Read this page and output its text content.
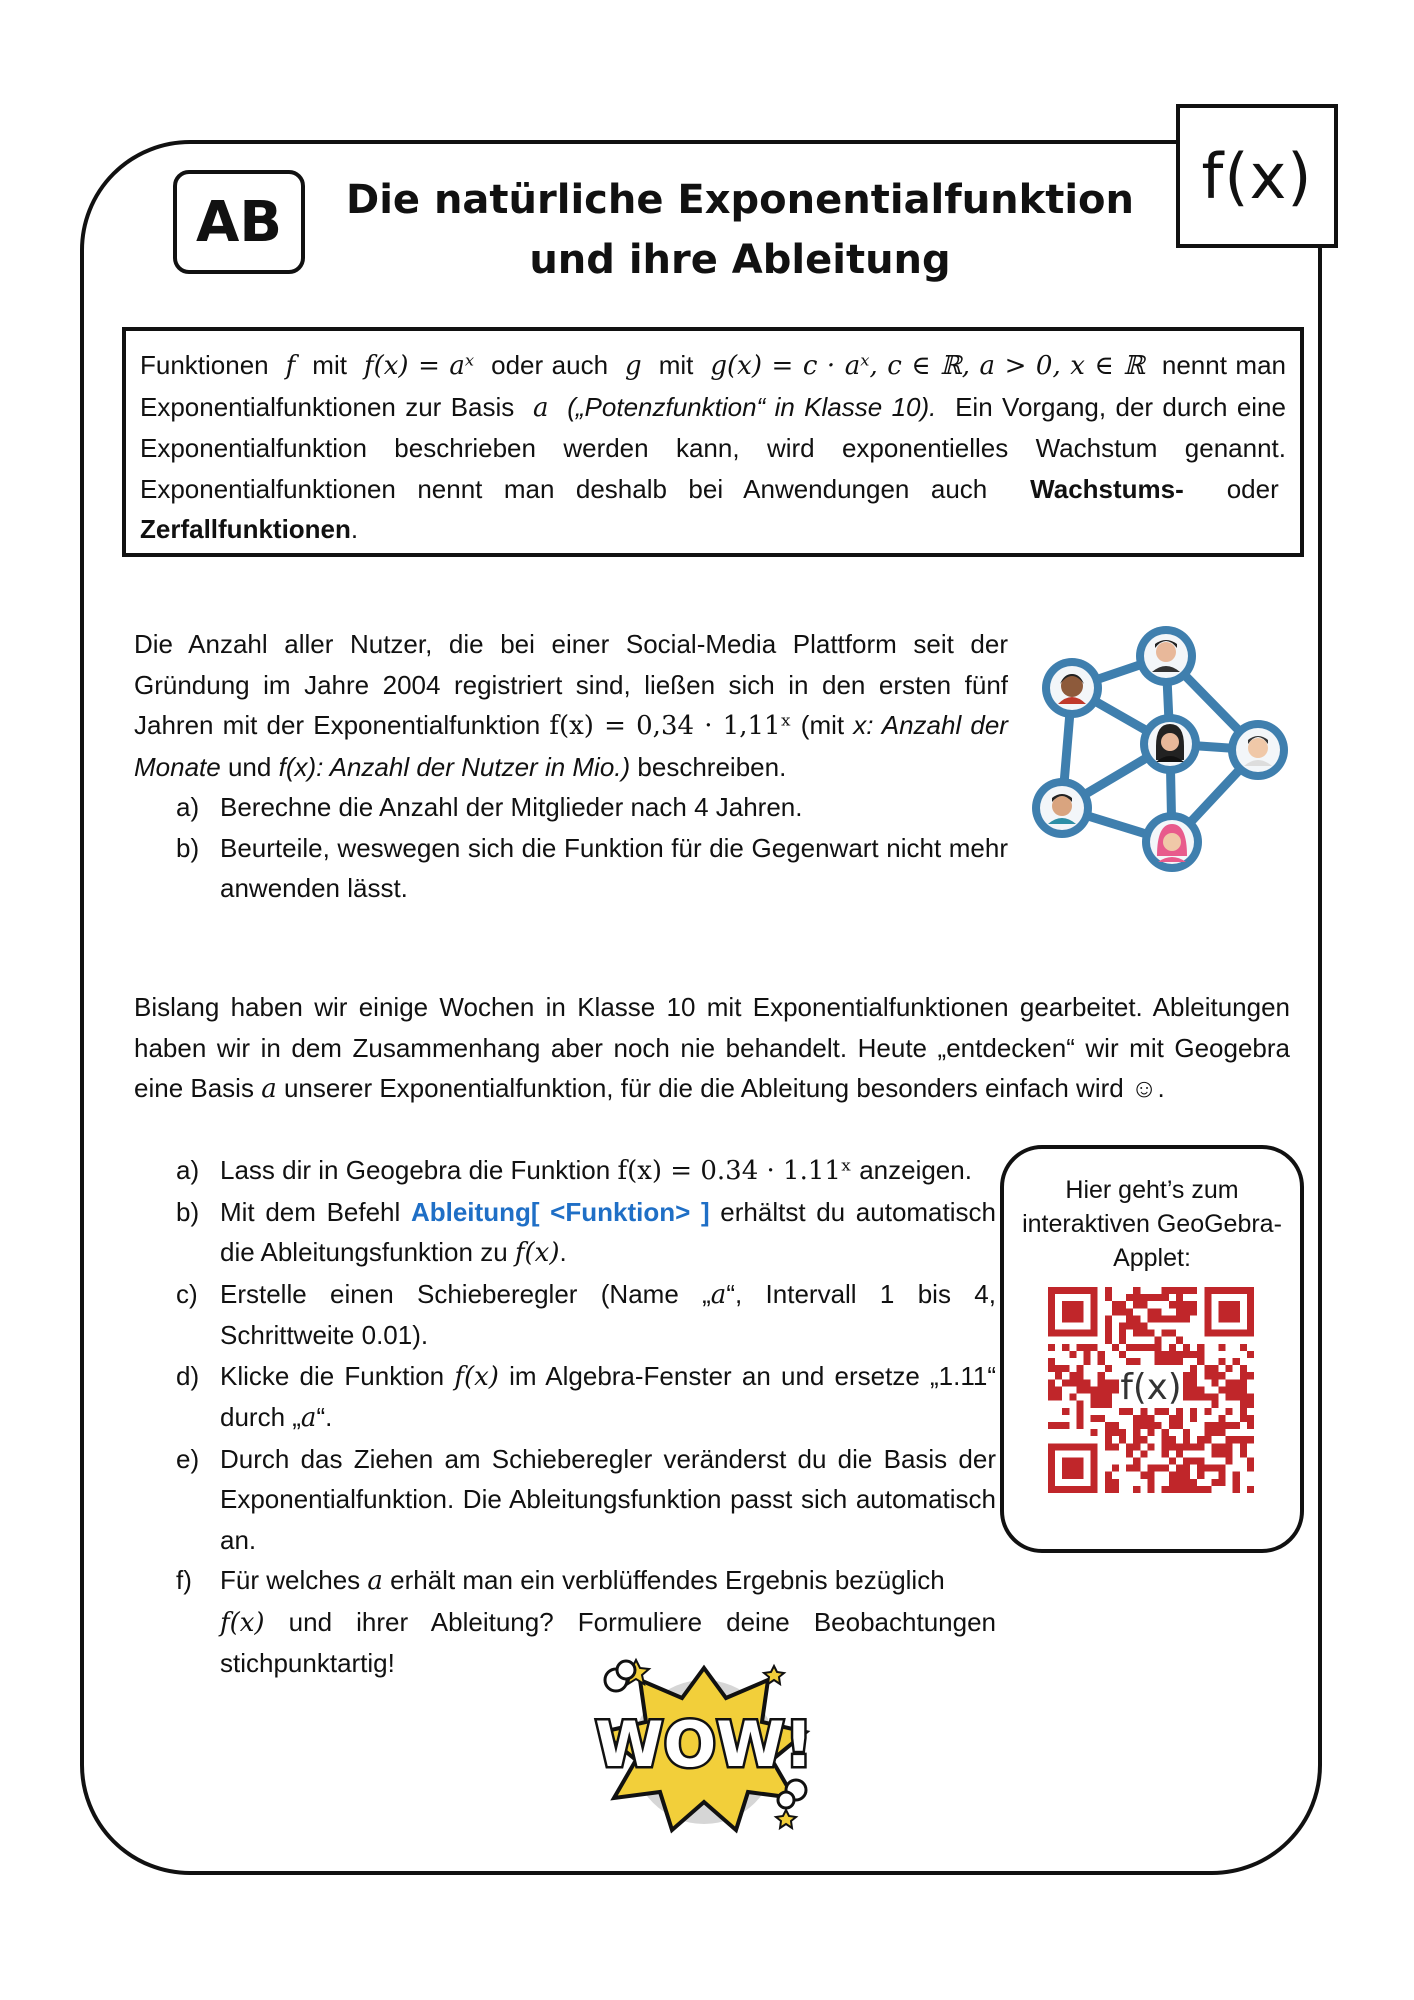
f(x)
AB Die natürliche Exponentialfunktion
und ihre Ableitung
Funktionen f mit f(x) = aˣ oder auch g mit g(x) = c · aˣ, c ∈ ℝ, a > 0, x ∈ ℝ nennt man Exponentialfunktionen zur Basis a („Potenzfunktion“ in Klasse 10). Ein Vorgang, der durch eine Exponentialfunktion beschrieben werden kann, wird exponentielles Wachstum genannt. Exponentialfunktionen nennt man deshalb bei Anwendungen auch Wachstums- oder  Zerfallfunktionen.
Die Anzahl aller Nutzer, die bei einer Social-Media Plattform seit der Gründung im Jahre 2004 registriert sind, ließen sich in den ersten fünf Jahren mit der Exponentialfunktion f(x) = 0,34 · 1,11ˣ (mit x: Anzahl der Monate und f(x): Anzahl der Nutzer in Mio.) beschreiben.
a) Berechne die Anzahl der Mitglieder nach 4 Jahren.
b) Beurteile, weswegen sich die Funktion für die Gegenwart nicht mehr anwenden lässt.
Bislang haben wir einige Wochen in Klasse 10 mit Exponentialfunktionen gearbeitet. Ableitungen haben wir in dem Zusammenhang aber noch nie behandelt. Heute „entdecken“ wir mit Geogebra eine Basis a unserer Exponentialfunktion, für die die Ableitung besonders einfach wird ☺.
a) Lass dir in Geogebra die Funktion f(x) = 0.34 · 1.11ˣ anzeigen.
b) Mit dem Befehl Ableitung[ <Funktion> ] erhältst du automatisch die Ableitungsfunktion zu f(x).
c) Erstelle einen Schieberegler (Name „a“, Intervall 1 bis 4, Schrittweite 0.01).
d) Klicke die Funktion f(x) im Algebra-Fenster an und ersetze „1.11“ durch „a“.
e) Durch das Ziehen am Schieberegler veränderst du die Basis der Exponentialfunktion. Die Ableitungsfunktion passt sich automatisch an.
f) Für welches a erhält man ein verblüffendes Ergebnis bezüglich
f(x) und ihrer Ableitung? Formuliere deine Beobachtungen stichpunktartig!
Hier geht’s zum interaktiven GeoGebra-Applet:
f(x)
WOW!
